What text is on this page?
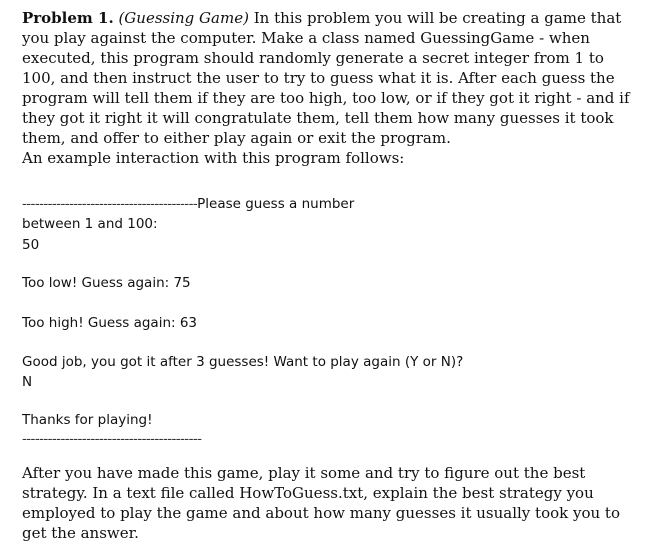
Problem 1. (Guessing Game) In this problem you will be creating a game that you play against the computer. Make a class named GuessingGame - when executed, this program should randomly generate a secret integer from 1 to 100, and then instruct the user to try to guess what it is. After each guess the program will tell them if they are too high, too low, or if they got it right - and if they got it right it will congratulate them, tell them how many guesses it took them, and offer to either play again or exit the program.
An example interaction with this program follows:

-----------------------------------------Please guess a number

between 1 and 100:

50

Too low! Guess again: 75

Too high! Guess again: 63

Good job, you got it after 3 guesses! Want to play again (Y or N)?

N

Thanks for playing!

------------------------------------------

After you have made this game, play it some and try to figure out the best strategy. In a text file called HowToGuess.txt, explain the best strategy you employed to play the game and about how many guesses it usually took you to get the answer.
